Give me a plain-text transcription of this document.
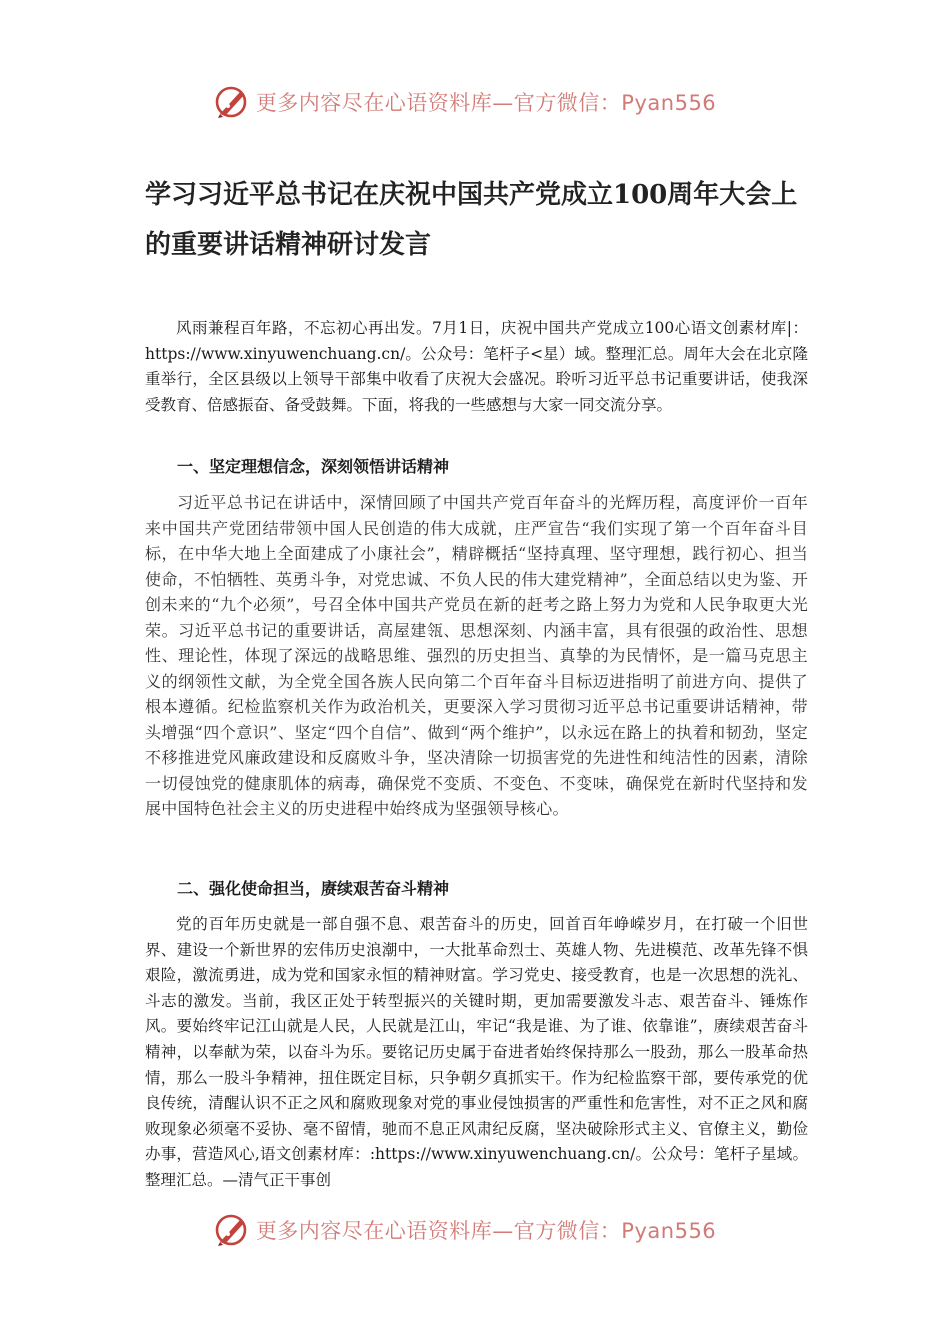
更多内容尽在心语资料库—官方微信：Pyan556
学习习近平总书记在庆祝中国共产党成立100周年大会上的重要讲话精神研讨发言

风雨兼程百年路，不忘初心再出发。7月1日，庆祝中国共产党成立100心语文创素材库|：https://www.xinyuwenchuang.cn/。公众号：笔杆子<星）域。整理汇总。周年大会在北京隆重举行，全区县级以上领导干部集中收看了庆祝大会盛况。聆听习近平总书记重要讲话，使我深受教育、倍感振奋、备受鼓舞。下面，将我的一些感想与大家一同交流分享。

一、坚定理想信念，深刻领悟讲话精神

习近平总书记在讲话中，深情回顾了中国共产党百年奋斗的光辉历程，高度评价一百年来中国共产党团结带领中国人民创造的伟大成就，庄严宣告“我们实现了第一个百年奋斗目标，在中华大地上全面建成了小康社会”，精辟概括“坚持真理、坚守理想，践行初心、担当使命，不怕牺牲、英勇斗争，对党忠诚、不负人民的伟大建党精神”，全面总结以史为鉴、开创未来的“九个必须”，号召全体中国共产党员在新的赶考之路上努力为党和人民争取更大光荣。习近平总书记的重要讲话，高屋建瓴、思想深刻、内涵丰富，具有很强的政治性、思想性、理论性，体现了深远的战略思维、强烈的历史担当、真挚的为民情怀，是一篇马克思主义的纲领性文献，为全党全国各族人民向第二个百年奋斗目标迈进指明了前进方向、提供了根本遵循。纪检监察机关作为政治机关，更要深入学习贯彻习近平总书记重要讲话精神，带头增强“四个意识”、坚定“四个自信”、做到“两个维护”，以永远在路上的执着和韧劲，坚定不移推进党风廉政建设和反腐败斗争，坚决清除一切损害党的先进性和纯洁性的因素，清除一切侵蚀党的健康肌体的病毒，确保党不变质、不变色、不变味，确保党在新时代坚持和发展中国特色社会主义的历史进程中始终成为坚强领导核心。

二、强化使命担当，赓续艰苦奋斗精神

党的百年历史就是一部自强不息、艰苦奋斗的历史，回首百年峥嵘岁月，在打破一个旧世界、建设一个新世界的宏伟历史浪潮中，一大批革命烈士、英雄人物、先进模范、改革先锋不惧艰险，激流勇进，成为党和国家永恒的精神财富。学习党史、接受教育，也是一次思想的洗礼、斗志的激发。当前，我区正处于转型振兴的关键时期，更加需要激发斗志、艰苦奋斗、锤炼作风。要始终牢记江山就是人民，人民就是江山，牢记“我是谁、为了谁、依靠谁”，赓续艰苦奋斗精神，以奉献为荣，以奋斗为乐。要铭记历史属于奋进者始终保持那么一股劲，那么一股革命热情，那么一股斗争精神，扭住既定目标，只争朝夕真抓实干。作为纪检监察干部，要传承党的优良传统，清醒认识不正之风和腐败现象对党的事业侵蚀损害的严重性和危害性，对不正之风和腐败现象必须毫不妥协、毫不留情，驰而不息正风肃纪反腐，坚决破除形式主义、官僚主义，勤俭办事，营造风心,语文创素材库：:https://www.xinyuwenchuang.cn/。公众号：笔杆子星域。整理汇总。—清气正干事创

更多内容尽在心语资料库—官方微信：Pyan556
